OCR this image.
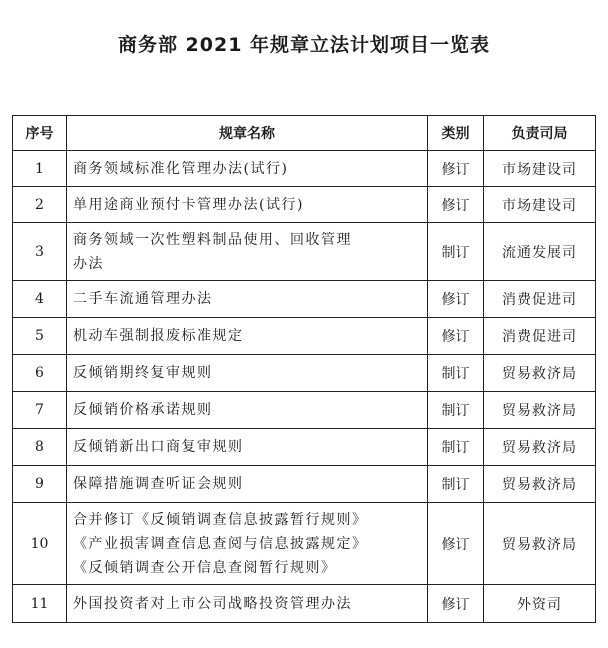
商务部 2021 年规章立法计划项目一览表
序号	规章名称	类别	负责司局
1	商务领域标准化管理办法(试行)	修订	市场建设司
2	单用途商业预付卡管理办法(试行)	修订	市场建设司
3	商务领域一次性塑料制品使用、回收管理
办法	制订	流通发展司
4	二手车流通管理办法	修订	消费促进司
5	机动车强制报废标准规定	修订	消费促进司
6	反倾销期终复审规则	制订	贸易救济局
7	反倾销价格承诺规则	制订	贸易救济局
8	反倾销新出口商复审规则	制订	贸易救济局
9	保障措施调查听证会规则	制订	贸易救济局
10	合并修订《反倾销调查信息披露暂行规则》
《产业损害调查信息查阅与信息披露规定》
《反倾销调查公开信息查阅暂行规则》	修订	贸易救济局
11	外国投资者对上市公司战略投资管理办法	修订	外资司
